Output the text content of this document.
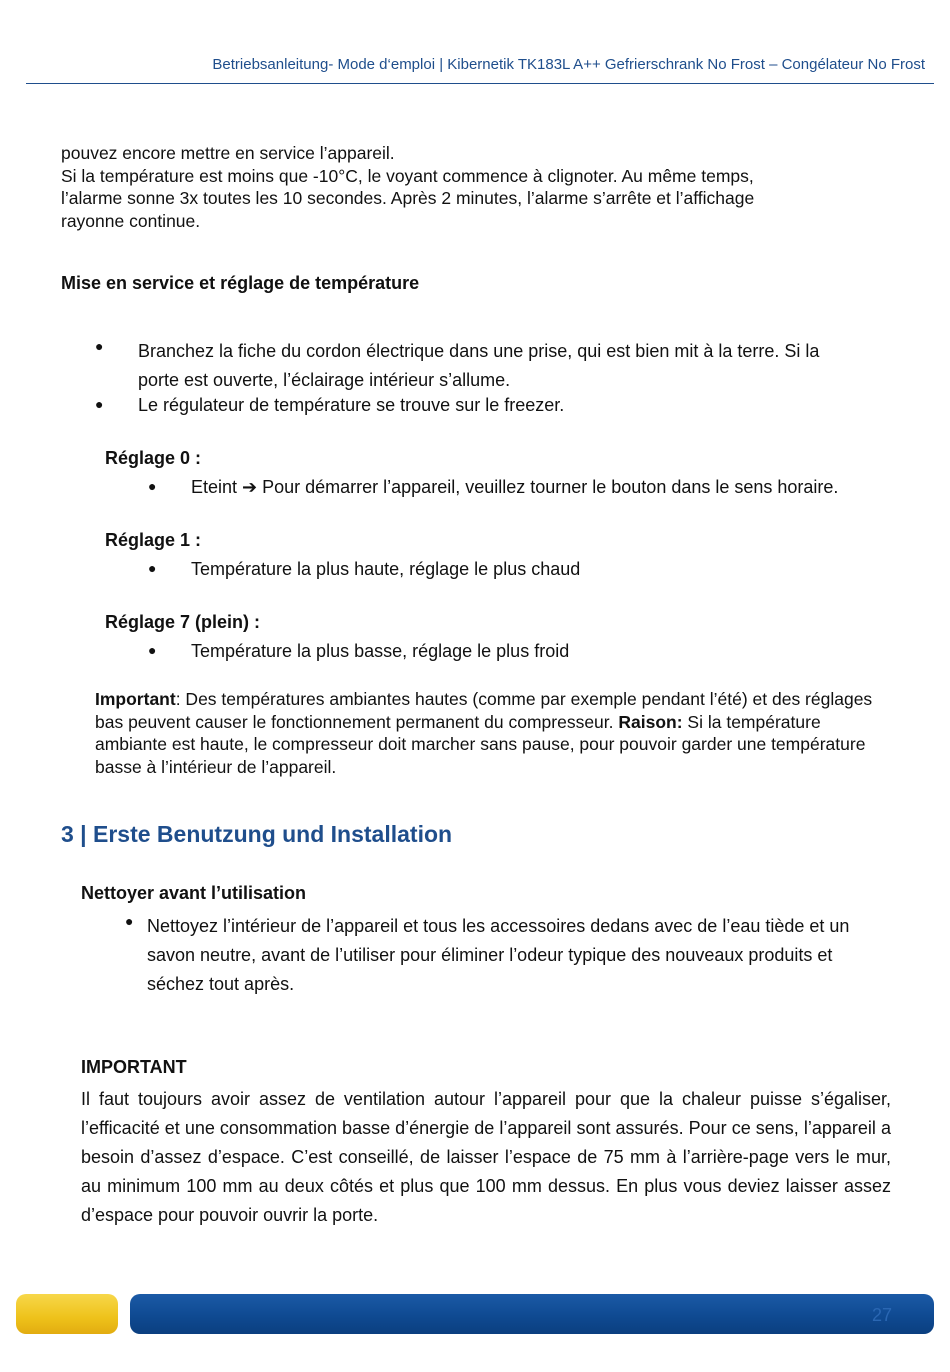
Betriebsanleitung- Mode d‘emploi | Kibernetik TK183L A++ Gefrierschrank No Frost – Congélateur No Frost
pouvez encore mettre en service l’appareil.
Si la température est moins que -10°C, le voyant commence à clignoter. Au même temps,
l’alarme sonne 3x toutes les 10 secondes. Après 2 minutes, l’alarme s’arrête et l’affichage
rayonne continue.
Mise en service et réglage de température
● Branchez la fiche du cordon électrique dans une prise, qui est bien mit à la terre. Si la
porte est ouverte, l’éclairage intérieur s’allume.
● Le régulateur de température se trouve sur le freezer.
Réglage 0 :
● Eteint ➔ Pour démarrer l’appareil, veuillez tourner le bouton dans le sens horaire.
Réglage 1 :
● Température la plus haute, réglage le plus chaud
Réglage 7 (plein) :
● Température la plus basse, réglage le plus froid
Important: Des températures ambiantes hautes (comme par exemple pendant l’été) et des réglages bas peuvent causer le fonctionnement permanent du compresseur. Raison: Si la température ambiante est haute, le compresseur doit marcher sans pause, pour pouvoir garder une température basse à l’intérieur de l’appareil.
3 | Erste Benutzung und Installation
Nettoyer avant l’utilisation
● Nettoyez l’intérieur de l’appareil et tous les accessoires dedans avec de l’eau tiède et un savon neutre, avant de l’utiliser pour éliminer l’odeur typique des nouveaux produits et séchez tout après.
IMPORTANT
Il faut toujours avoir assez de ventilation autour l’appareil pour que la chaleur puisse s’égaliser, l’efficacité et une consommation basse d’énergie de l’appareil sont assurés. Pour ce sens, l’appareil a besoin d’assez d’espace. C’est conseillé, de laisser l’espace de 75 mm à l’arrière-page vers le mur, au minimum 100 mm au deux côtés et plus que 100 mm dessus. En plus vous deviez laisser assez d’espace pour pouvoir ouvrir la porte.
27
